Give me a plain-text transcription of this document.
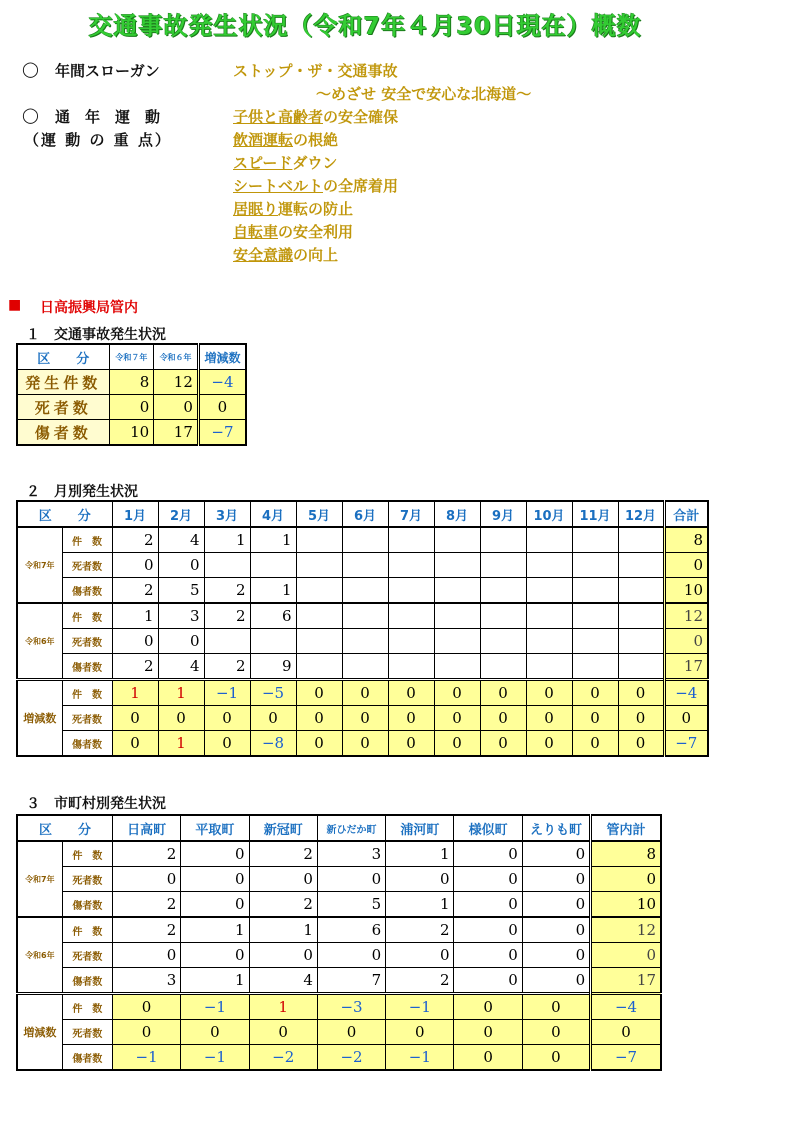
交通事故発生状況（令和7年４月30日現在）概数
◯ 年間スローガン	ストップ・ザ・交通事故
～めざせ 安全で安心な北海道～
◯ 通　年　運　動
（運 動 の 重 点）
子供と高齢者の安全確保
飲酒運転の根絶
スピードダウン
シートベルトの全席着用
居眠り運転の防止
自転車の安全利用
安全意識の向上
■ 日高振興局管内
１　交通事故発生状況
区　　分	令和７年	令和６年	増減数
発生件数	8	12	−4
死者数	0	0	0
傷者数	10	17	−7
２　月別発生状況
区　　分		1月	2月	3月	4月	5月	6月	7月	8月	9月	10月	11月	12月	合計
令和7年	件　数	2	4	1	1									8
	死者数	0	0											0
	傷者数	2	5	2	1									10
令和6年	件　数	1	3	2	6									12
	死者数	0	0											0
	傷者数	2	4	2	9									17
増減数	件　数	1	1	−1	−5	0	0	0	0	0	0	0	0	−4
	死者数	0	0	0	0	0	0	0	0	0	0	0	0	0
	傷者数	0	1	0	−8	0	0	0	0	0	0	0	0	−7
３　市町村別発生状況
区　　分		日高町	平取町	新冠町	新ひだか町	浦河町	様似町	えりも町	管内計
令和7年	件　数	2	0	2	3	1	0	0	8
	死者数	0	0	0	0	0	0	0	0
	傷者数	2	0	2	5	1	0	0	10
令和6年	件　数	2	1	1	6	2	0	0	12
	死者数	0	0	0	0	0	0	0	0
	傷者数	3	1	4	7	2	0	0	17
増減数	件　数	0	−1	1	−3	−1	0	0	−4
	死者数	0	0	0	0	0	0	0	0
	傷者数	−1	−1	−2	−2	−1	0	0	−7
